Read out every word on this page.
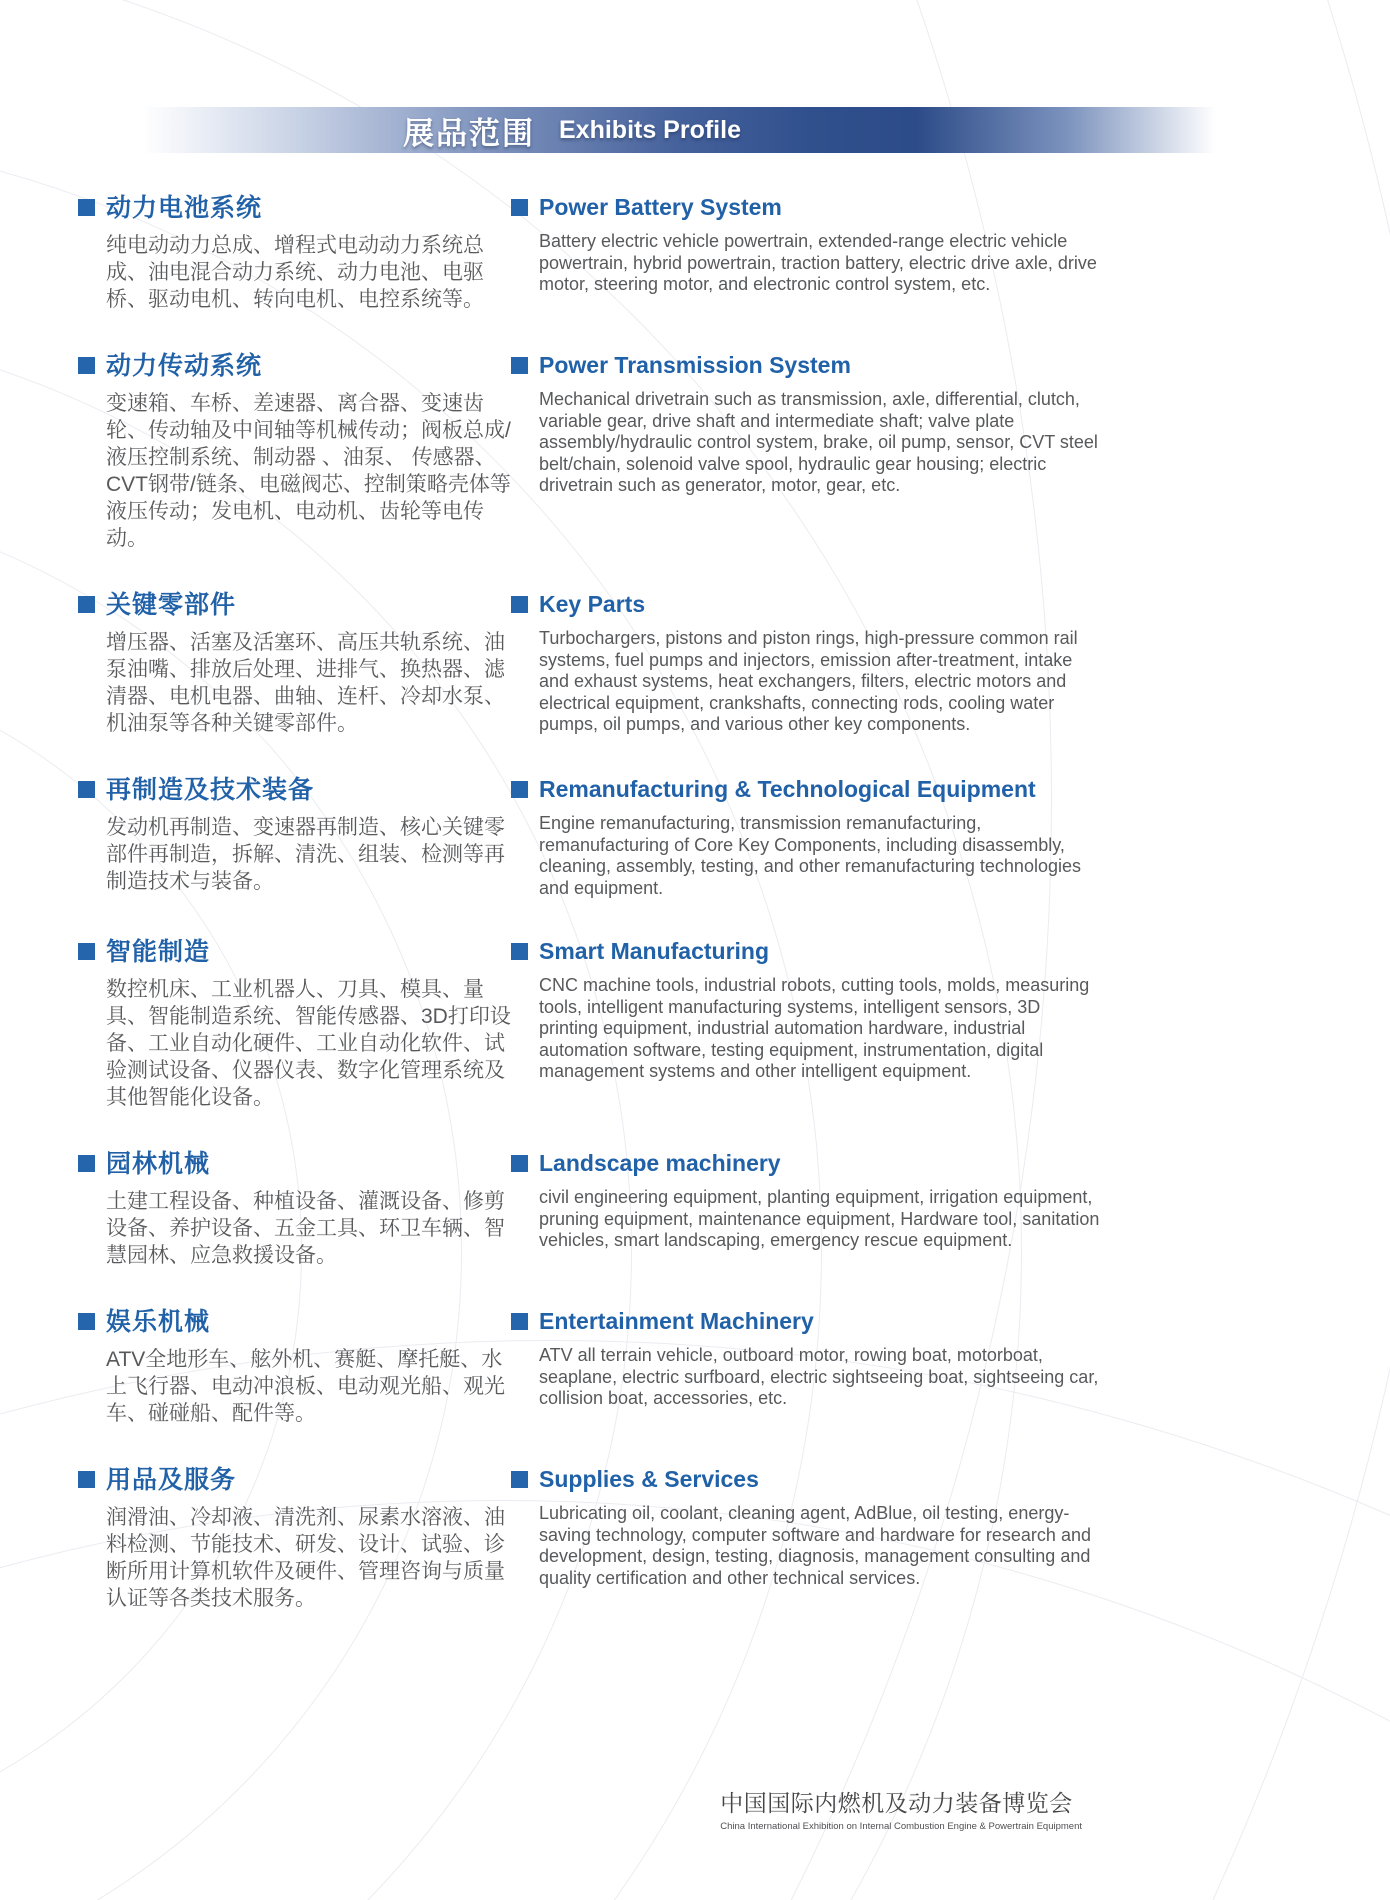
展品范围 Exhibits Profile
动力电池系统

纯电动动力总成、增程式电动动力系统总成、油电混合动力系统、动力电池、电驱桥、驱动电机、转向电机、电控系统等。

Power Battery System

Battery electric vehicle powertrain, extended-range electric vehicle powertrain, hybrid powertrain, traction battery, electric drive axle, drive motor, steering motor, and electronic control system, etc.

动力传动系统

变速箱、车桥、差速器、离合器、变速齿轮、传动轴及中间轴等机械传动；阀板总成/液压控制系统、制动器 、油泵、 传感器、CVT钢带/链条、电磁阀芯、控制策略壳体等液压传动；发电机、电动机、齿轮等电传动。

Power Transmission System

Mechanical drivetrain such as transmission, axle, differential, clutch, variable gear, drive shaft and intermediate shaft; valve plate assembly/hydraulic control system, brake, oil pump, sensor, CVT steel belt/chain, solenoid valve spool, hydraulic gear housing; electric drivetrain such as generator, motor, gear, etc.

关键零部件

增压器、活塞及活塞环、高压共轨系统、油泵油嘴、排放后处理、进排气、换热器、滤清器、电机电器、曲轴、连杆、冷却水泵、机油泵等各种关键零部件。

Key Parts

Turbochargers, pistons and piston rings, high-pressure common rail systems, fuel pumps and injectors, emission after-treatment, intake and exhaust systems, heat exchangers, filters, electric motors and electrical equipment, crankshafts, connecting rods, cooling water pumps, oil pumps, and various other key components.

再制造及技术装备

发动机再制造、变速器再制造、核心关键零部件再制造，拆解、清洗、组装、检测等再制造技术与装备。

Remanufacturing & Technological Equipment

Engine remanufacturing, transmission remanufacturing, remanufacturing of Core Key Components, including disassembly, cleaning, assembly, testing, and other remanufacturing technologies and equipment.

智能制造

数控机床、工业机器人、刀具、模具、量具、智能制造系统、智能传感器、3D打印设备、工业自动化硬件、工业自动化软件、试验测试设备、仪器仪表、数字化管理系统及其他智能化设备。

Smart Manufacturing

CNC machine tools, industrial robots, cutting tools, molds, measuring tools, intelligent manufacturing systems, intelligent sensors, 3D printing equipment, industrial automation hardware, industrial automation software, testing equipment, instrumentation, digital management systems and other intelligent equipment.

园林机械

土建工程设备、种植设备、灌溉设备、修剪设备、养护设备、五金工具、环卫车辆、智慧园林、应急救援设备。

Landscape machinery

civil engineering equipment, planting equipment, irrigation equipment, pruning equipment, maintenance equipment, Hardware tool, sanitation vehicles, smart landscaping, emergency rescue equipment.

娱乐机械

ATV全地形车、舷外机、赛艇、摩托艇、水上飞行器、电动冲浪板、电动观光船、观光车、碰碰船、配件等。

Entertainment Machinery

ATV all terrain vehicle, outboard motor, rowing boat, motorboat, seaplane, electric surfboard, electric sightseeing boat, sightseeing car, collision boat, accessories, etc.

用品及服务

润滑油、冷却液、清洗剂、尿素水溶液、油料检测、节能技术、研发、设计、试验、诊断所用计算机软件及硬件、管理咨询与质量认证等各类技术服务。

Supplies & Services

Lubricating oil, coolant, cleaning agent, AdBlue, oil testing, energy-saving technology, computer software and hardware for research and development, design, testing, diagnosis, management consulting and quality certification and other technical services.

中国国际内燃机及动力装备博览会
China International Exhibition on Internal Combustion Engine & Powertrain Equipment
